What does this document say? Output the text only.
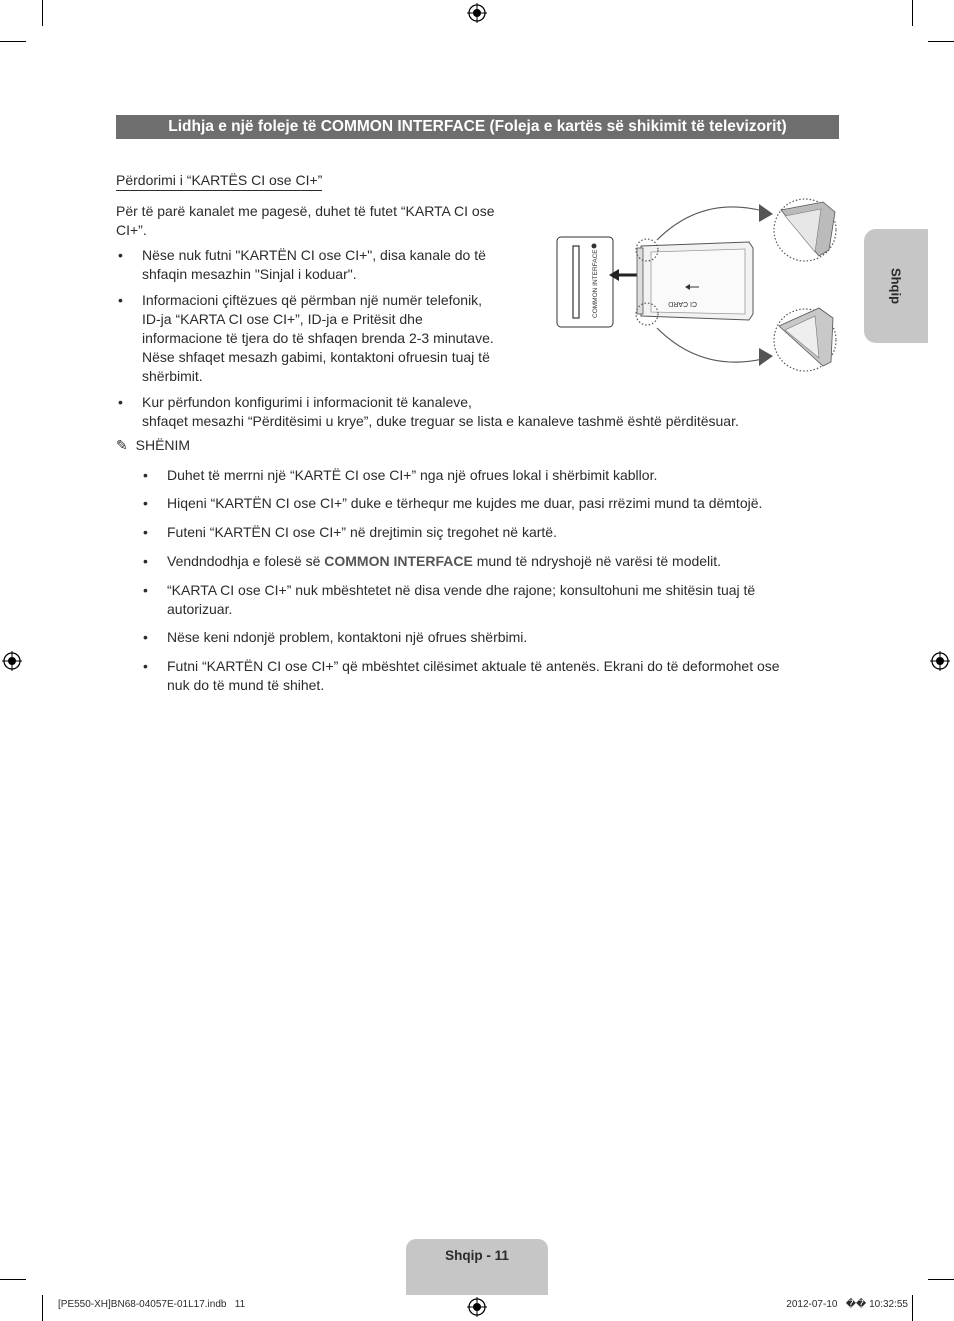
Lidhja e një foleje të COMMON INTERFACE (Foleja e kartës së shikimit të televizorit)
Përdorimi i “KARTËS CI ose CI+”
Për të parë kanalet me pagesë, duhet të futet “KARTA CI ose
CI+”.
• Nëse nuk futni "KARTËN CI ose CI+", disa kanale do të
shfaqin mesazhin "Sinjal i koduar".
• Informacioni çiftëzues që përmban një numër telefonik,
ID-ja “KARTA CI ose CI+”, ID-ja e Pritësit dhe
informacione të tjera do të shfaqen brenda 2-3 minutave.
Nëse shfaqet mesazh gabimi, kontaktoni ofruesin tuaj të
shërbimit.
• Kur përfundon konfigurimi i informacionit të kanaleve,
shfaqet mesazhi “Përditësimi u krye”, duke treguar se lista e kanaleve tashmë është përditësuar.
✎ SHËNIM
• Duhet të merrni një “KARTË CI ose CI+” nga një ofrues lokal i shërbimit kabllor.
• Hiqeni “KARTËN CI ose CI+” duke e tërhequr me kujdes me duar, pasi rrëzimi mund ta dëmtojë.
• Futeni “KARTËN CI ose CI+” në drejtimin siç tregohet në kartë.
• Vendndodhja e folesë së COMMON INTERFACE mund të ndryshojë në varësi të modelit.
• “KARTA CI ose CI+” nuk mbështetet në disa vende dhe rajone; konsultohuni me shitësin tuaj të
autorizuar.
• Nëse keni ndonjë problem, kontaktoni një ofrues shërbimi.
• Futni “KARTËN CI ose CI+” që mbështet cilësimet aktuale të antenës. Ekrani do të deformohet ose
nuk do të mund të shihet.
COMMON INTERFACE	CI CARD	Shqip
Shqip - 11
[PE550-XH]BN68-04057E-01L17.indb   11	2012-07-10   �� 10:32:55
